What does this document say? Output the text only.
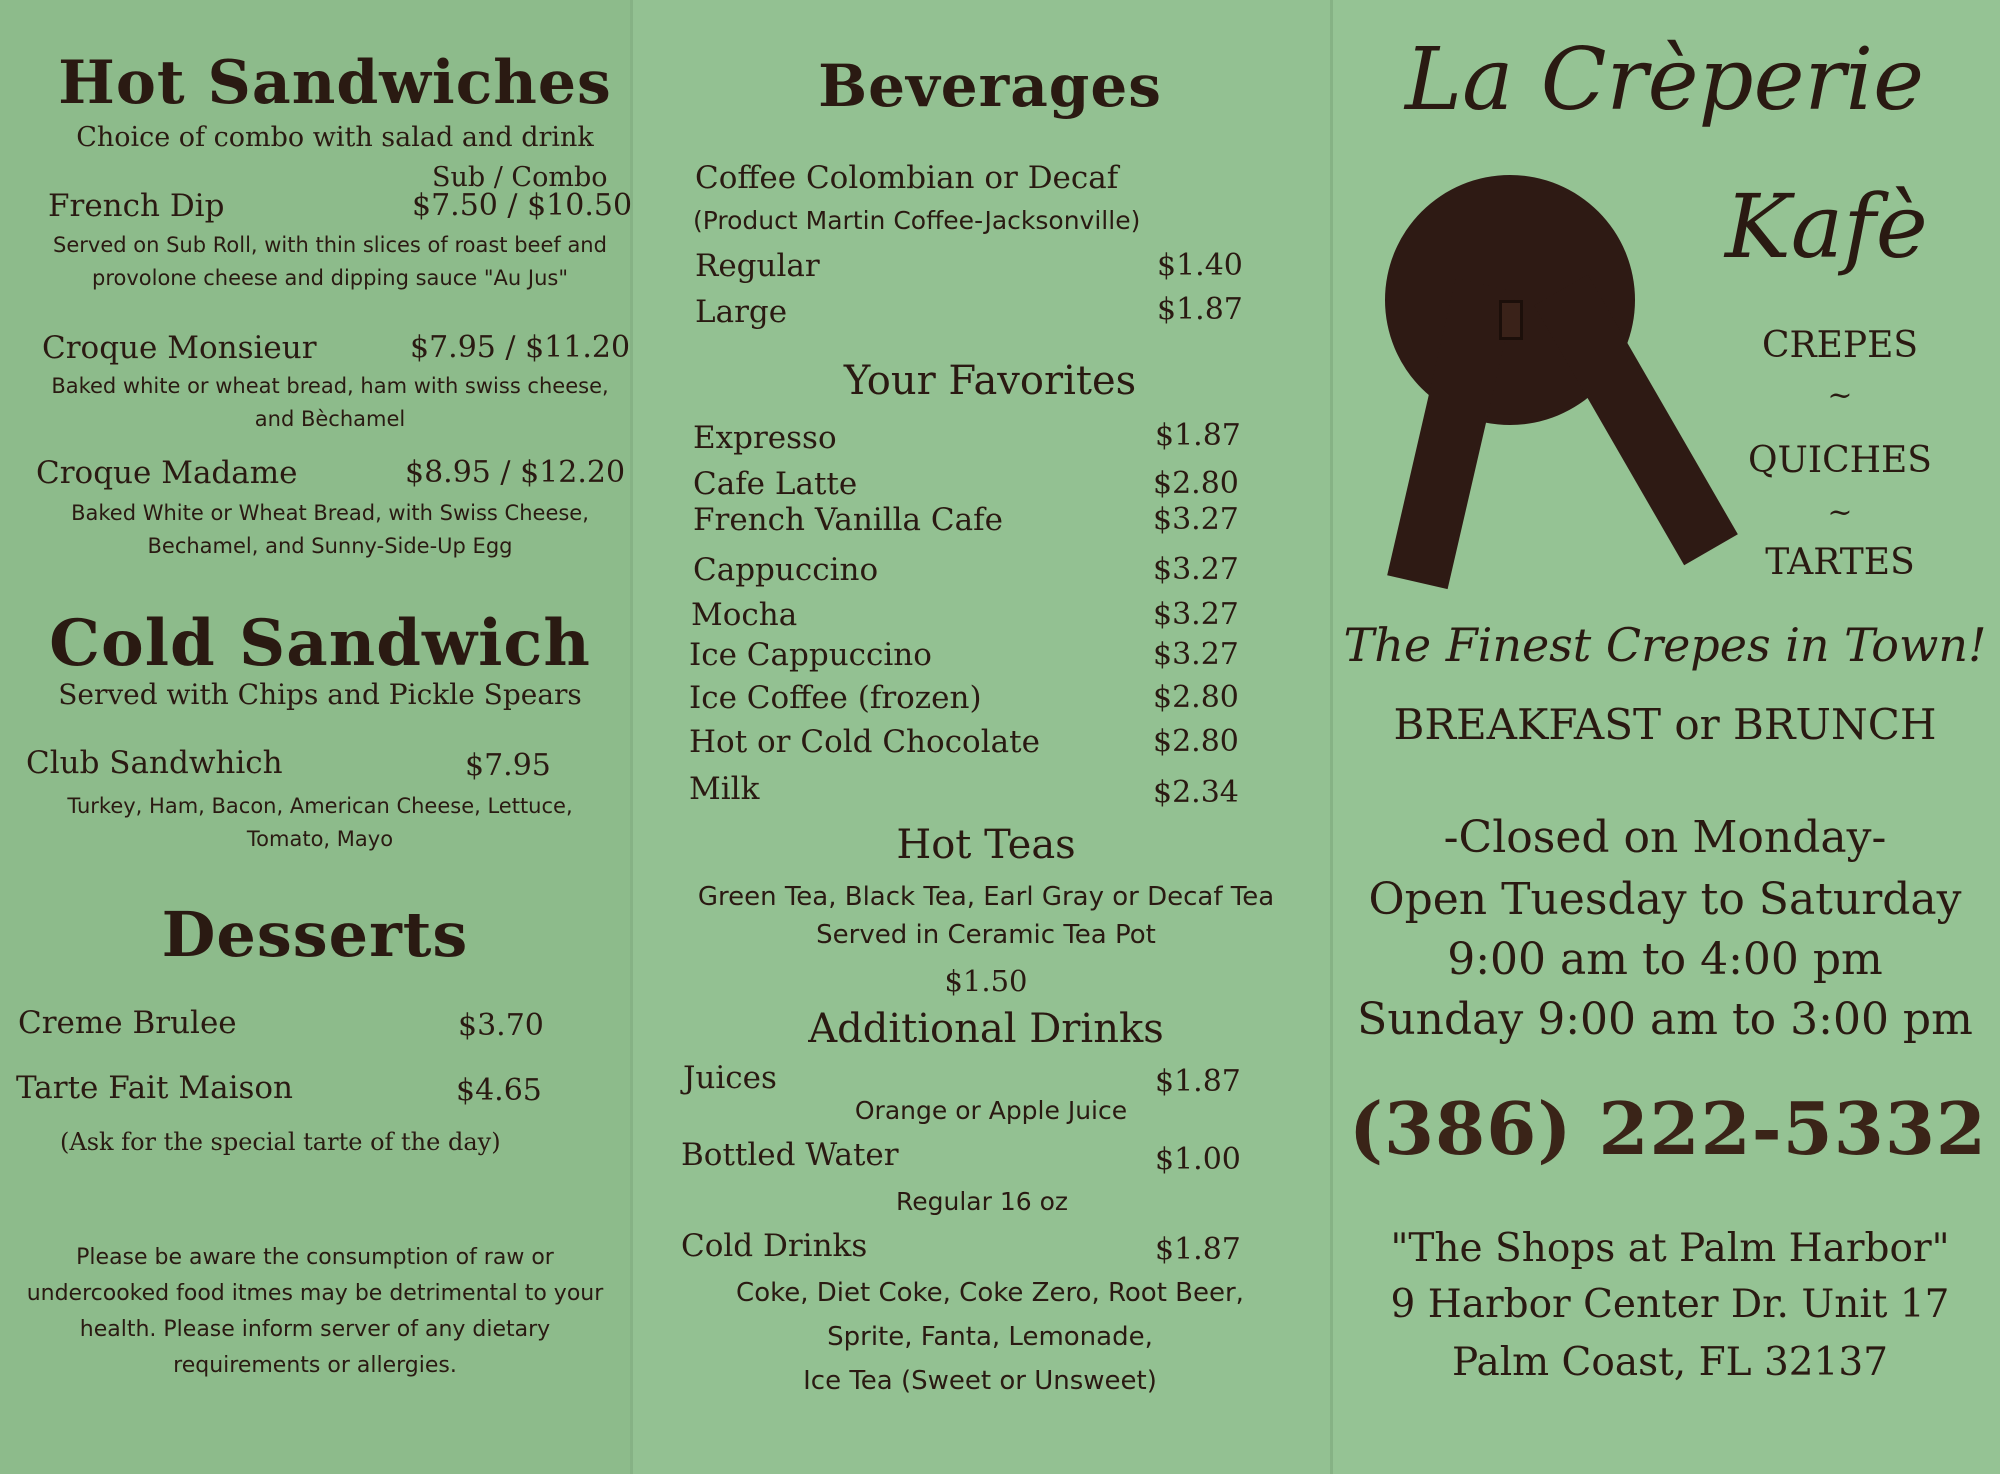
Hot Sandwiches
Choice of combo with salad and drink
Sub / Combo
French Dip	$7.50 / $10.50
Served on Sub Roll, with thin slices of roast beef and provolone cheese and dipping sauce "Au Jus"
Croque Monsieur	$7.95 / $11.20
Baked white or wheat bread, ham with swiss cheese, and Bèchamel
Croque Madame	$8.95 / $12.20
Baked White or Wheat Bread, with Swiss Cheese, Bechamel, and Sunny-Side-Up Egg
Cold Sandwich
Served with Chips and Pickle Spears
Club Sandwhich	$7.95
Turkey, Ham, Bacon, American Cheese, Lettuce, Tomato, Mayo
Desserts
Creme Brulee	$3.70
Tarte Fait Maison	$4.65
(Ask for the special tarte of the day)
Please be aware the consumption of raw or undercooked food itmes may be detrimental to your health. Please inform server of any dietary requirements or allergies.
Beverages
Coffee Colombian or Decaf
(Product Martin Coffee-Jacksonville)
Regular	$1.40
Large	$1.87
Your Favorites
Expresso	$1.87
Cafe Latte	$2.80
French Vanilla Cafe	$3.27
Cappuccino	$3.27
Mocha	$3.27
Ice Cappuccino	$3.27
Ice Coffee (frozen)	$2.80
Hot or Cold Chocolate	$2.80
Milk	$2.34
Hot Teas
Green Tea, Black Tea, Earl Gray or Decaf Tea
Served in Ceramic Tea Pot
$1.50
Additional Drinks
Juices	$1.87
Orange or Apple Juice
Bottled Water	$1.00
Regular 16 oz
Cold Drinks	$1.87
Coke, Diet Coke, Coke Zero, Root Beer,
Sprite, Fanta, Lemonade,
Ice Tea (Sweet or Unsweet)
La Crèperie
Kafè
CREPES
~
QUICHES
~
TARTES
The Finest Crepes in Town!
BREAKFAST or BRUNCH
-Closed on Monday-
Open Tuesday to Saturday
9:00 am to 4:00 pm
Sunday 9:00 am to 3:00 pm
(386) 222-5332
"The Shops at Palm Harbor"
9 Harbor Center Dr. Unit 17
Palm Coast, FL 32137
